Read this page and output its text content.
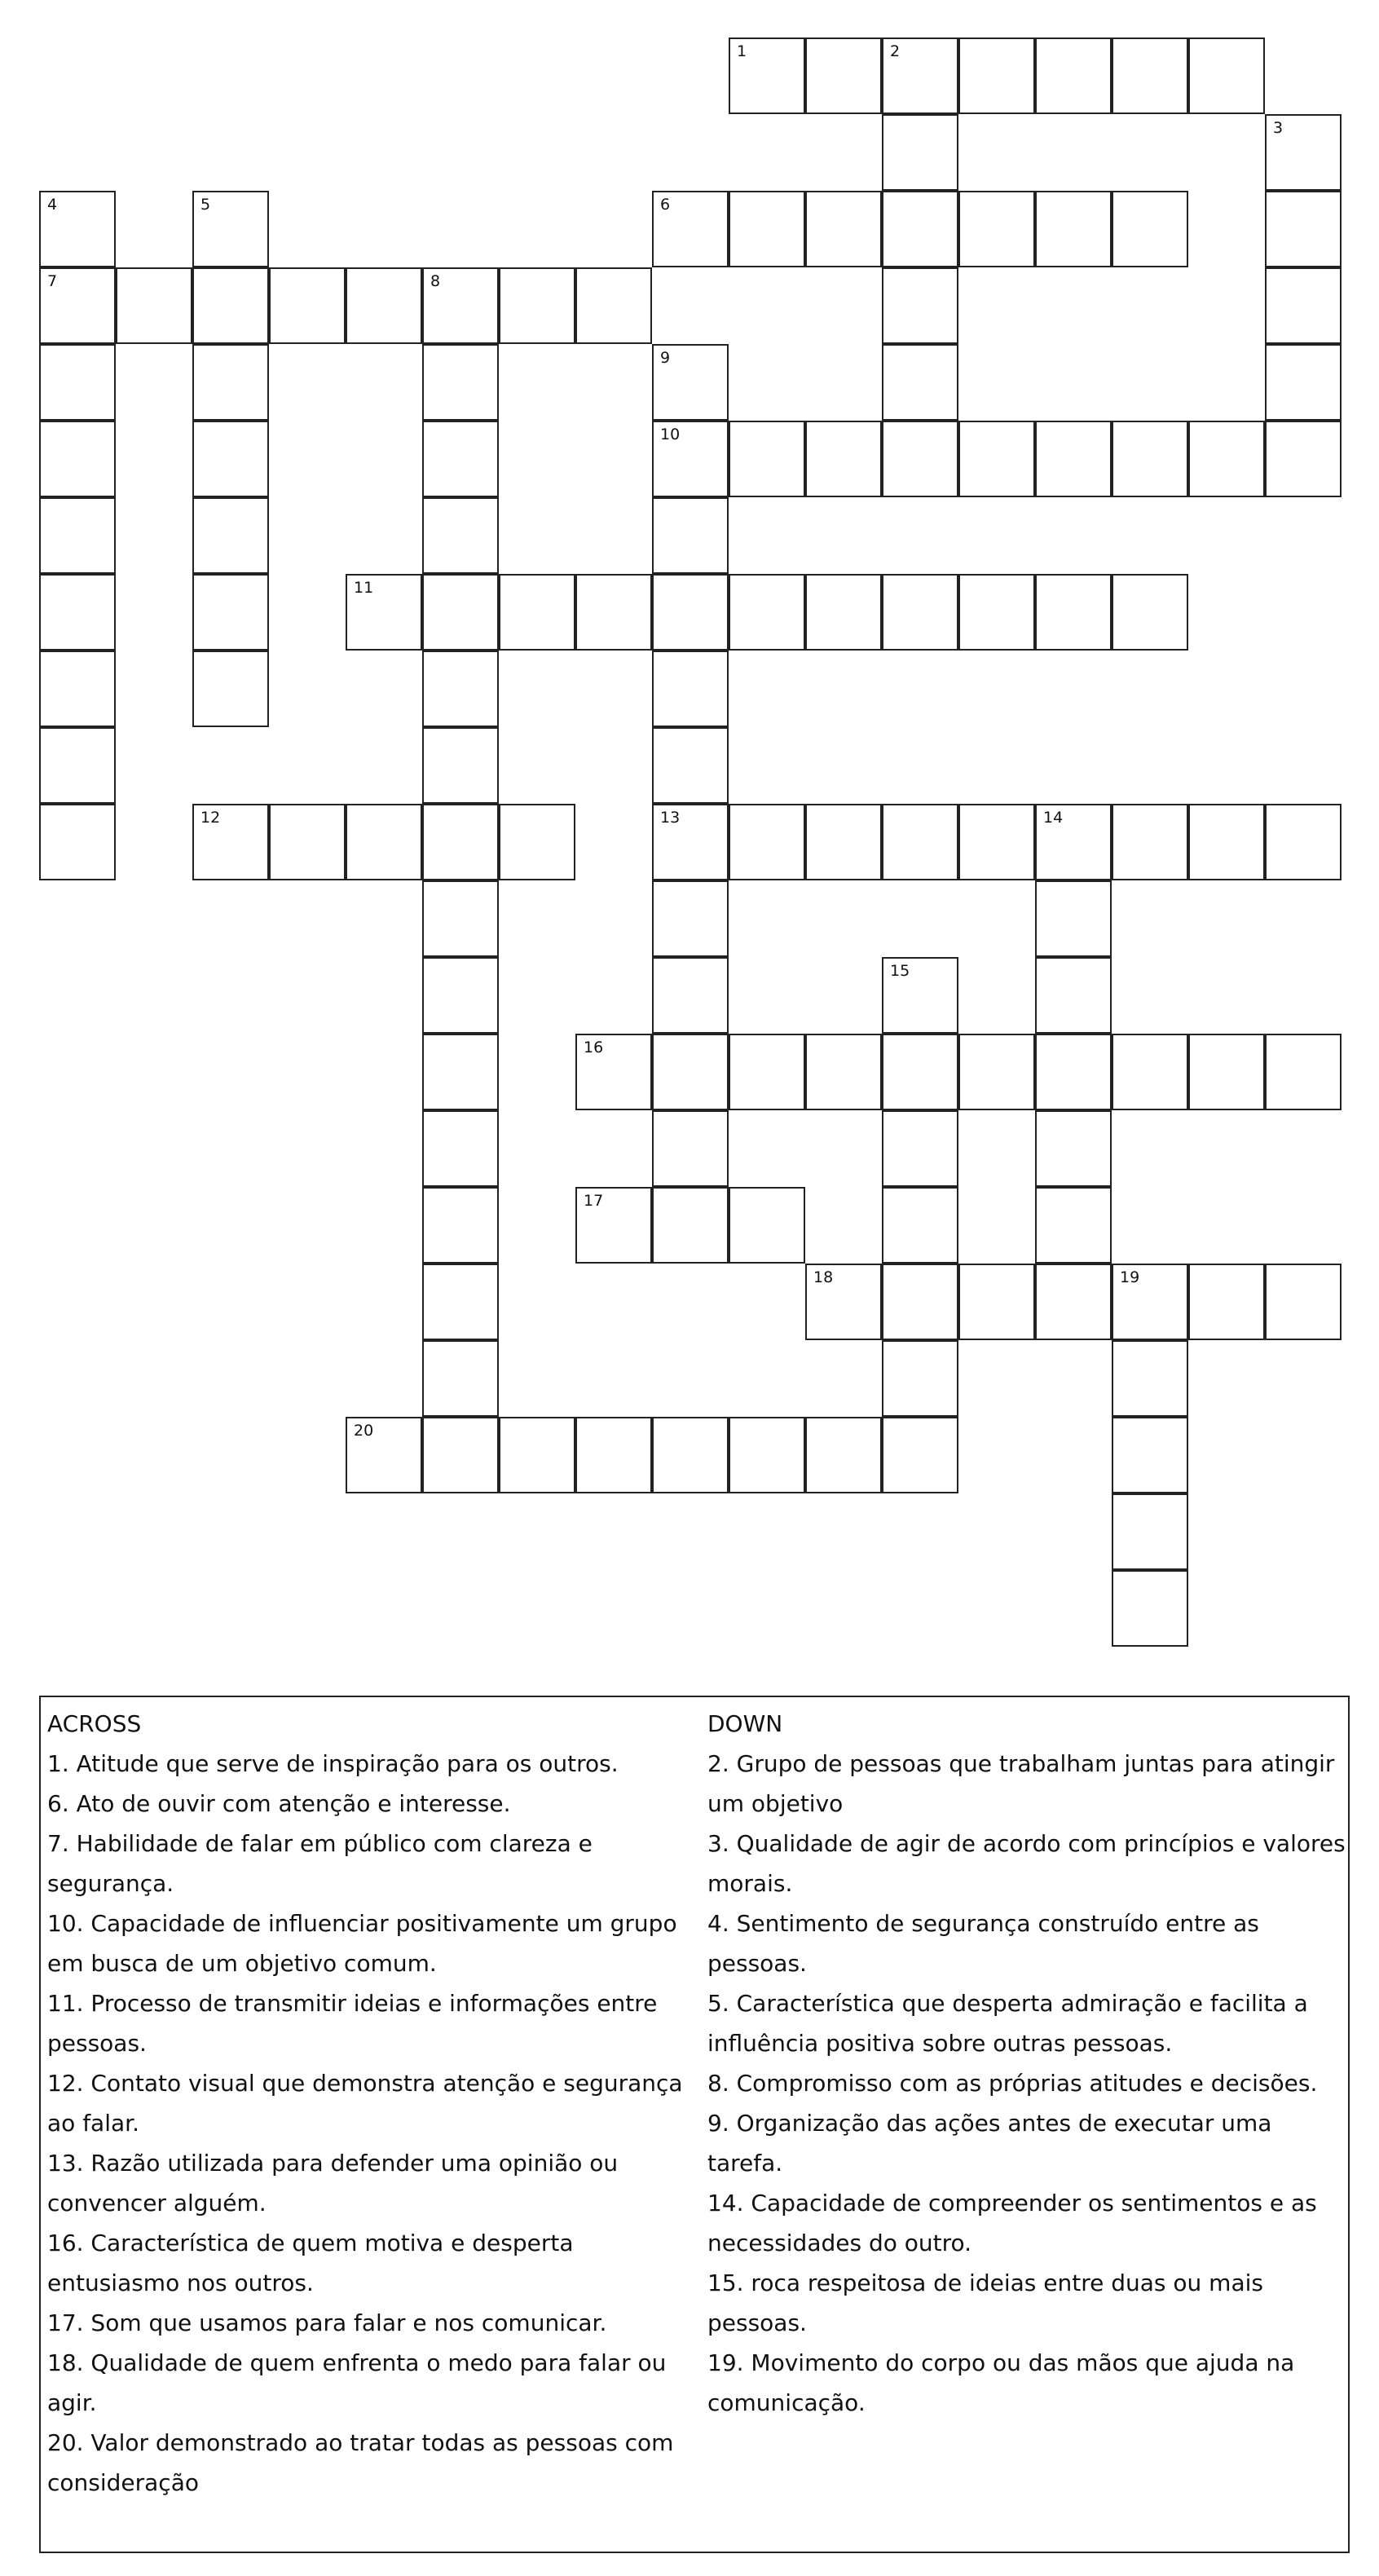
1	2
3
4
7
5	6
8
9
10
13
11
12	14
15
16
17
18	19
20

ACROSS

1. Atitude que serve de inspiração para os outros.

6. Ato de ouvir com atenção e interesse.

7. Habilidade de falar em público com clareza e segurança.

10. Capacidade de influenciar positivamente um grupo em busca de um objetivo comum.

11. Processo de transmitir ideias e informações entre pessoas.

12. Contato visual que demonstra atenção e segurança ao falar.

13. Razão utilizada para defender uma opinião ou convencer alguém.

16. Característica de quem motiva e desperta entusiasmo nos outros.

17. Som que usamos para falar e nos comunicar.

18. Qualidade de quem enfrenta o medo para falar ou agir.

20. Valor demonstrado ao tratar todas as pessoas com consideração

DOWN

2. Grupo de pessoas que trabalham juntas para atingir um objetivo

3. Qualidade de agir de acordo com princípios e valores morais.

4. Sentimento de segurança construído entre as pessoas.

5. Característica que desperta admiração e facilita a influência positiva sobre outras pessoas.

8. Compromisso com as próprias atitudes e decisões.

9. Organização das ações antes de executar uma tarefa.

14. Capacidade de compreender os sentimentos e as necessidades do outro.

15. roca respeitosa de ideias entre duas ou mais pessoas.

19. Movimento do corpo ou das mãos que ajuda na comunicação.
